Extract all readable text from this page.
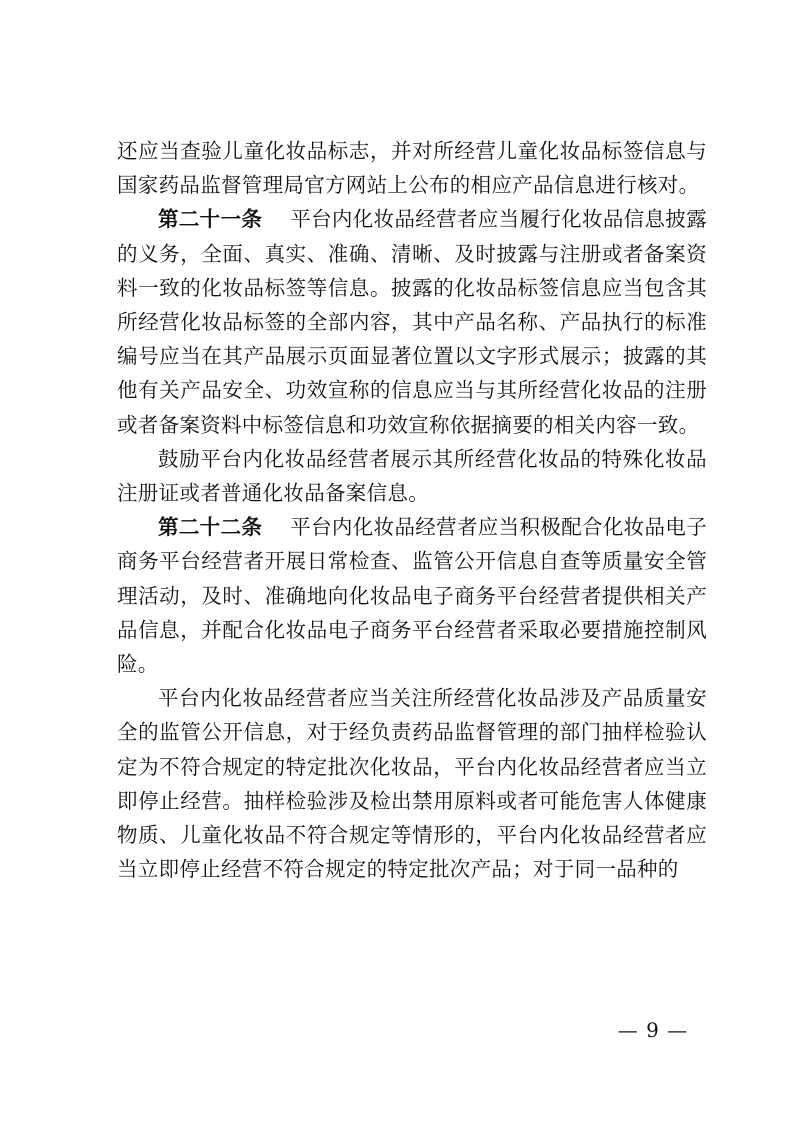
还应当查验儿童化妆品标志，并对所经营儿童化妆品标签信息与国家药品监督管理局官方网站上公布的相应产品信息进行核对。

第二十一条 平台内化妆品经营者应当履行化妆品信息披露的义务，全面、真实、准确、清晰、及时披露与注册或者备案资料一致的化妆品标签等信息。披露的化妆品标签信息应当包含其所经营化妆品标签的全部内容，其中产品名称、产品执行的标准编号应当在其产品展示页面显著位置以文字形式展示；披露的其他有关产品安全、功效宣称的信息应当与其所经营化妆品的注册或者备案资料中标签信息和功效宣称依据摘要的相关内容一致。

鼓励平台内化妆品经营者展示其所经营化妆品的特殊化妆品注册证或者普通化妆品备案信息。

第二十二条 平台内化妆品经营者应当积极配合化妆品电子商务平台经营者开展日常检查、监管公开信息自查等质量安全管理活动，及时、准确地向化妆品电子商务平台经营者提供相关产品信息，并配合化妆品电子商务平台经营者采取必要措施控制风险。

平台内化妆品经营者应当关注所经营化妆品涉及产品质量安全的监管公开信息，对于经负责药品监督管理的部门抽样检验认定为不符合规定的特定批次化妆品，平台内化妆品经营者应当立即停止经营。抽样检验涉及检出禁用原料或者可能危害人体健康物质、儿童化妆品不符合规定等情形的，平台内化妆品经营者应当立即停止经营不符合规定的特定批次产品；对于同一品种的

— 9 —
